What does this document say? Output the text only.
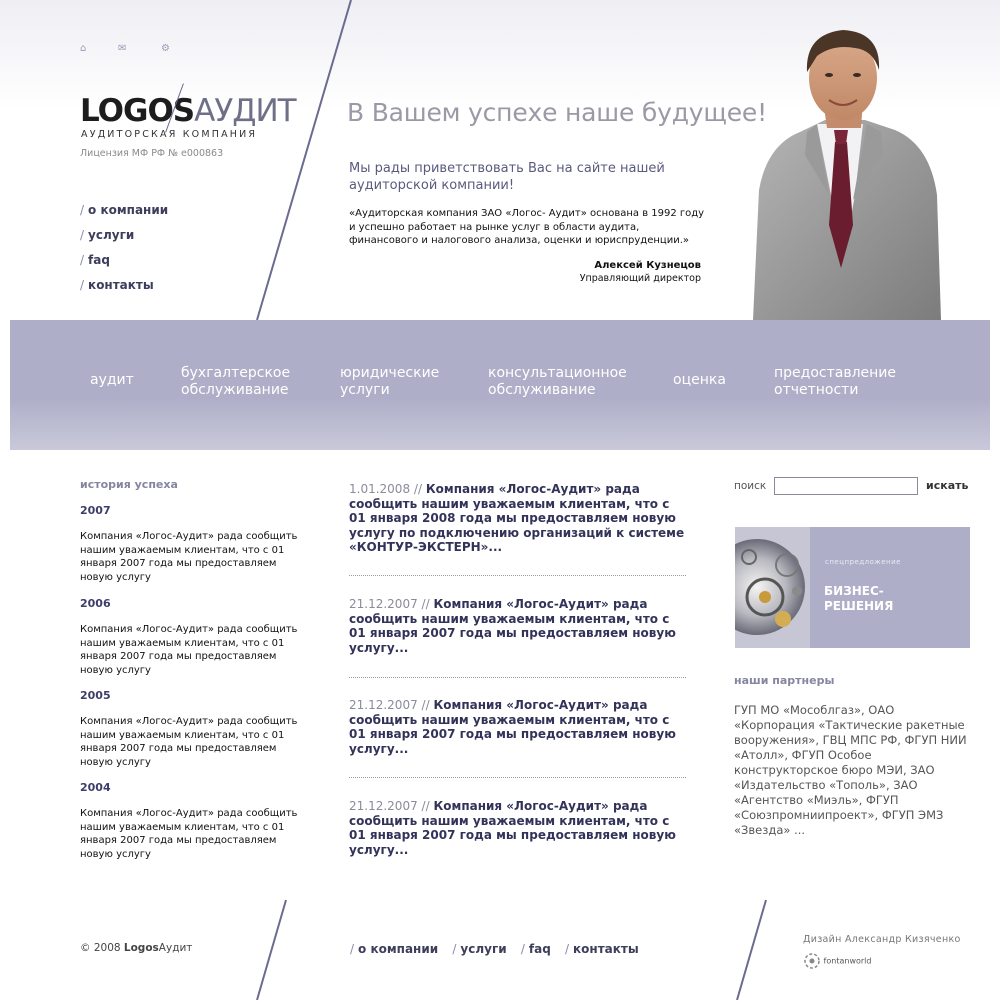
⌂	✉	⚙
LOGOSАУДИТ
АУДИТОРСКАЯ КОМПАНИЯ
Лицензия МФ РФ № е000863
/ о компании
/ услуги
/ faq
/ контакты
В Вашем успехе наше будущее!
Мы рады приветствовать Вас на сайте нашей аудиторской компании!
«Аудиторская компания ЗАО «Логос- Аудит» основана в 1992 году и успешно работает на рынке услуг в области аудита, финансового и налогового анализа, оценки и юриспруденции.»
Алексей Кузнецов
Управляющий директор
аудит	бухгалтерское
обслуживание
юридические
услуги
консультационное
обслуживание
оценка	предоставление
отчетности
история успеха
2007
Компания «Логос-Аудит» рада сообщить нашим уважаемым клиентам, что с 01 января 2007 года мы предоставляем новую услугу
2006
Компания «Логос-Аудит» рада сообщить нашим уважаемым клиентам, что с 01 января 2007 года мы предоставляем новую услугу
2005
Компания «Логос-Аудит» рада сообщить нашим уважаемым клиентам, что с 01 января 2007 года мы предоставляем новую услугу
2004
Компания «Логос-Аудит» рада сообщить нашим уважаемым клиентам, что с 01 января 2007 года мы предоставляем новую услугу
1.01.2008 // Компания «Логос-Аудит» рада сообщить нашим уважаемым клиентам, что с 01 января 2008 года мы предоставляем новую услугу по подключению организаций к системе «КОНТУР-ЭКСТЕРН»...
21.12.2007 // Компания «Логос-Аудит» рада сообщить нашим уважаемым клиентам, что с 01 января 2007 года мы предоставляем новую услугу...
21.12.2007 // Компания «Логос-Аудит» рада сообщить нашим уважаемым клиентам, что с 01 января 2007 года мы предоставляем новую услугу...
21.12.2007 // Компания «Логос-Аудит» рада сообщить нашим уважаемым клиентам, что с 01 января 2007 года мы предоставляем новую услугу...
поиск	искать
спецпредложение
БИЗНЕС-
РЕШЕНИЯ
наши партнеры
ГУП МО «Мособлгаз», ОАО «Корпорация «Тактические ракетные вооружения», ГВЦ МПС РФ, ФГУП НИИ «Атолл», ФГУП Особое конструкторское бюро МЭИ, ЗАО «Издательство «Тополь», ЗАО «Агентство «Миэль», ФГУП «Союзпромниипроект», ФГУП ЭМЗ «Звезда» ...
© 2008 LogosАудит	/ о компании / услуги / faq / контакты
Дизайн Александр Кизяченко
fontanworld
